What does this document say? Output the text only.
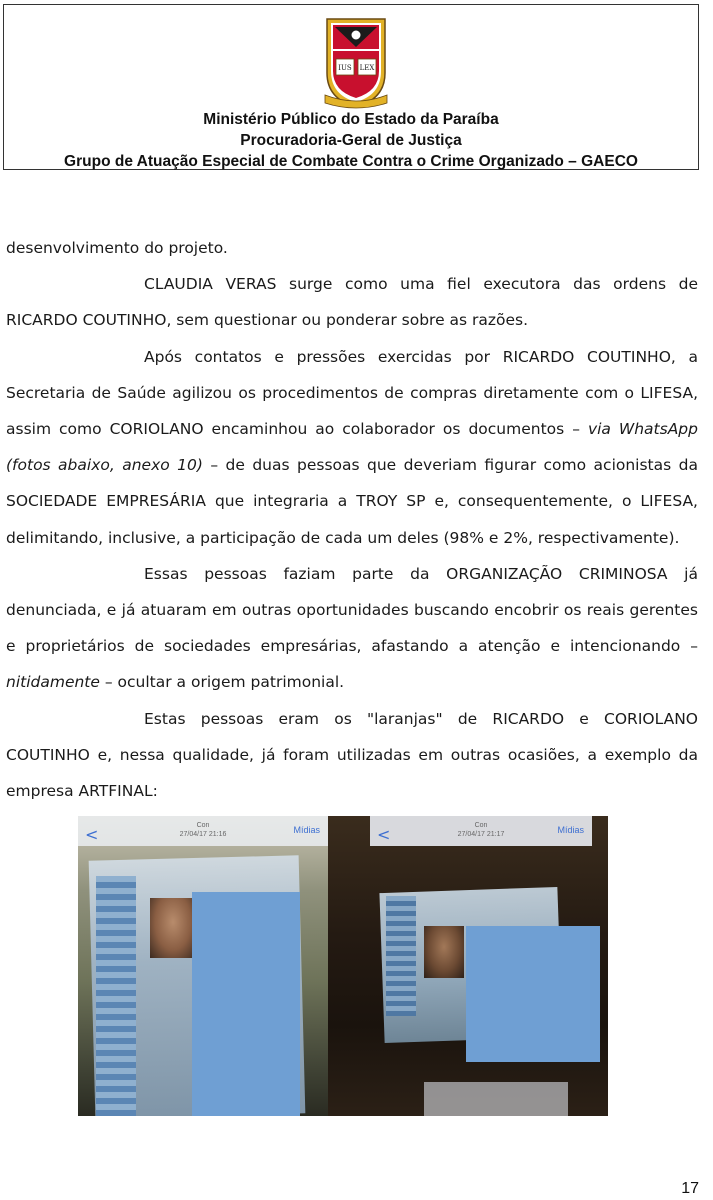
IUS LEX
Ministério Público do Estado da Paraíba
Procuradoria-Geral de Justiça
Grupo de Atuação Especial de Combate Contra o Crime Organizado – GAECO

desenvolvimento do projeto.

CLAUDIA VERAS surge como uma fiel executora das ordens de RICARDO COUTINHO, sem questionar ou ponderar sobre as razões.

Após contatos e pressões exercidas por RICARDO COUTINHO, a Secretaria de Saúde agilizou os procedimentos de compras diretamente com o LIFESA, assim como CORIOLANO encaminhou ao colaborador os documentos – via WhatsApp (fotos abaixo, anexo 10) – de duas pessoas que deveriam figurar como acionistas da SOCIEDADE EMPRESÁRIA que integraria a TROY SP e, consequentemente, o LIFESA, delimitando, inclusive, a participação de cada um deles (98% e 2%, respectivamente).

Essas pessoas faziam parte da ORGANIZAÇÃO CRIMINOSA já denunciada, e já atuaram em outras oportunidades buscando encobrir os reais gerentes e proprietários de sociedades empresárias, afastando a atenção e intencionando – nitidamente – ocultar a origem patrimonial.

Estas pessoas eram os "laranjas" de RICARDO e CORIOLANO COUTINHO e, nessa qualidade, já foram utilizadas em outras ocasiões, a exemplo da empresa ARTFINAL:

<	Con
27/04/17 21:16	Mídias	<	Con
27/04/17 21:17	Mídias
17
